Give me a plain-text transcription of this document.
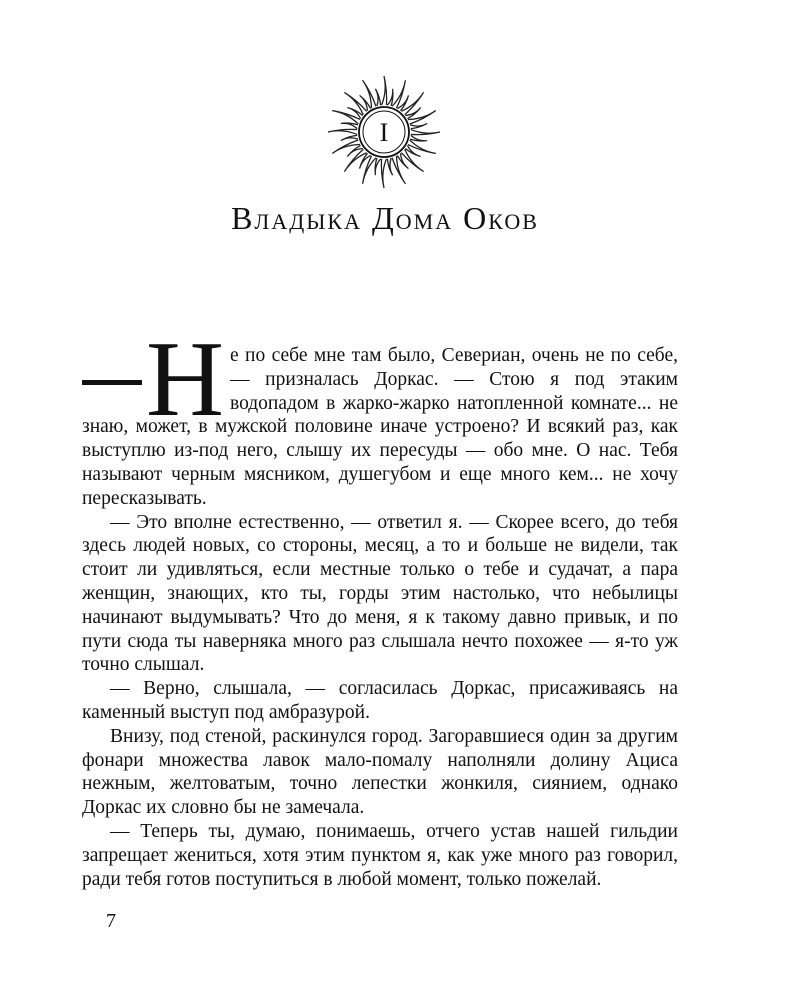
I
Владыка Дома Оков

Н е по себе мне там было, Севериан, очень не по себе, — призналась Доркас. — Стою я под этаким водопадом в жарко-жарко натопленной комнате... не знаю, может, в мужской половине иначе устроено? И всякий раз, как выступлю из-под него, слышу их пересуды — обо мне. О нас. Тебя называют черным мясником, душегубом и еще много кем... не хочу пересказывать.

— Это вполне естественно, — ответил я. — Скорее всего, до тебя здесь людей новых, со стороны, месяц, а то и больше не видели, так стоит ли удивляться, если местные только о тебе и судачат, а пара женщин, знающих, кто ты, горды этим настолько, что небылицы начинают выдумывать? Что до меня, я к такому давно привык, и по пути сюда ты наверняка много раз слышала нечто похожее — я-то уж точно слышал.

— Верно, слышала, — согласилась Доркас, присаживаясь на каменный выступ под амбразурой.

Внизу, под стеной, раскинулся город. Загоравшиеся один за другим фонари множества лавок мало-помалу наполняли долину Ациса нежным, желтоватым, точно лепестки жонкиля, сиянием, однако Доркас их словно бы не замечала.

— Теперь ты, думаю, понимаешь, отчего устав нашей гильдии запрещает жениться, хотя этим пунктом я, как уже много раз говорил, ради тебя готов поступиться в любой момент, только пожелай.

7
